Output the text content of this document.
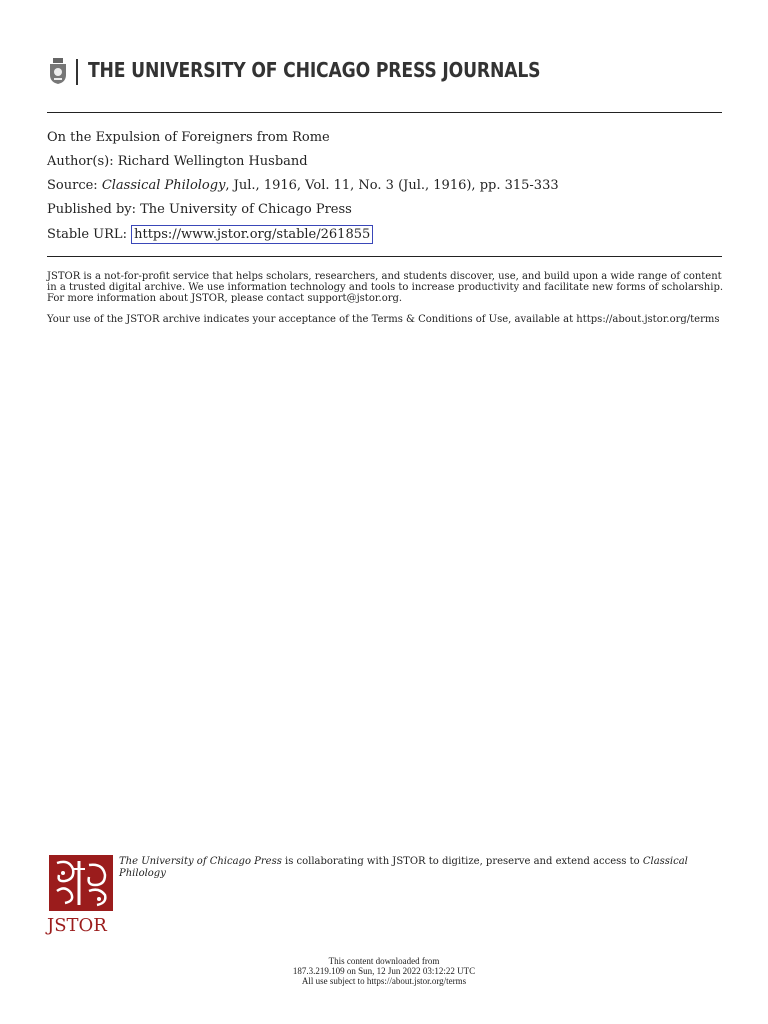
THE UNIVERSITY OF CHICAGO PRESS JOURNALS
On the Expulsion of Foreigners from Rome
Author(s): Richard Wellington Husband
Source: Classical Philology, Jul., 1916, Vol. 11, No. 3 (Jul., 1916), pp. 315-333
Published by: The University of Chicago Press
Stable URL: https://www.jstor.org/stable/261855
JSTOR is a not-for-profit service that helps scholars, researchers, and students discover, use, and build upon a wide range of content in a trusted digital archive. We use information technology and tools to increase productivity and facilitate new forms of scholarship. For more information about JSTOR, please contact support@jstor.org.
Your use of the JSTOR archive indicates your acceptance of the Terms & Conditions of Use, available at https://about.jstor.org/terms
JSTOR
The University of Chicago Press is collaborating with JSTOR to digitize, preserve and extend access to Classical Philology
This content downloaded from
187.3.219.109 on Sun, 12 Jun 2022 03:12:22 UTC
All use subject to https://about.jstor.org/terms
